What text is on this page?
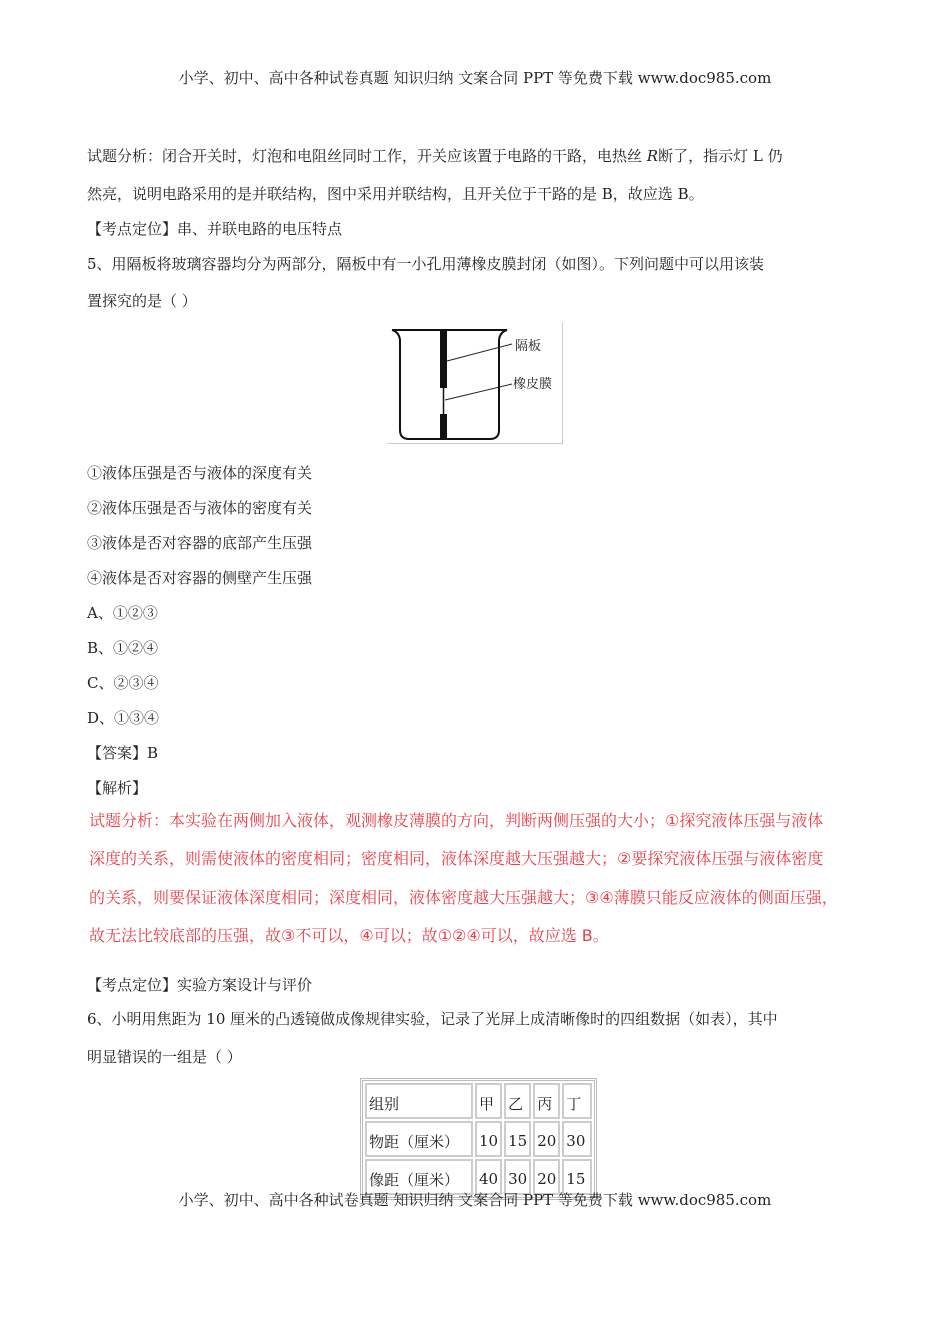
小学、初中、高中各种试卷真题 知识归纳 文案合同 PPT 等免费下载 www.doc985.com
试题分析：闭合开关时，灯泡和电阻丝同时工作，开关应该置于电路的干路，电热丝 R断了，指示灯 L 仍
然亮，说明电路采用的是并联结构，图中采用并联结构，且开关位于干路的是 B，故应选 B。
【考点定位】串、并联电路的电压特点
5、用隔板将玻璃容器均分为两部分，隔板中有一小孔用薄橡皮膜封闭（如图）。下列问题中可以用该装
置探究的是（ ）
隔板
橡皮膜
①液体压强是否与液体的深度有关
②液体压强是否与液体的密度有关
③液体是否对容器的底部产生压强
④液体是否对容器的侧壁产生压强
A、①②③
B、①②④
C、②③④
D、①③④
【答案】B
【解析】
试题分析：本实验在两侧加入液体，观测橡皮薄膜的方向，判断两侧压强的大小；①探究液体压强与液体
深度的关系，则需使液体的密度相同；密度相同，液体深度越大压强越大；②要探究液体压强与液体密度
的关系，则要保证液体深度相同；深度相同，液体密度越大压强越大；③④薄膜只能反应液体的侧面压强，
故无法比较底部的压强，故③不可以，④可以；故①②④可以，故应选 B。
【考点定位】实验方案设计与评价
6、小明用焦距为 10 厘米的凸透镜做成像规律实验，记录了光屏上成清晰像时的四组数据（如表），其中
明显错误的一组是（ ）
组别	甲	乙	丙	丁
物距（厘米）	10	15	20	30
像距（厘米）	40	30	20	15
小学、初中、高中各种试卷真题 知识归纳 文案合同 PPT 等免费下载 www.doc985.com
